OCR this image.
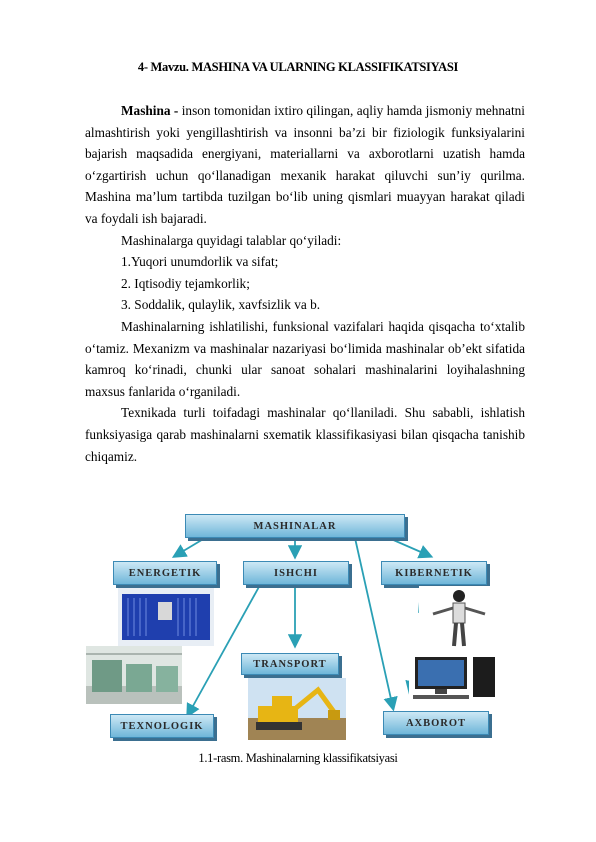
4- Mavzu. MASHINA VA ULARNING KLASSIFIKATSIYASI

Mashina - inson tomonidan ixtiro qilingan, aqliy hamda jismoniy mehnatni almashtirish yoki yengillashtirish va insonni ba’zi bir fiziologik funksiyalarini bajarish maqsadida energiyani, materiallarni va axborotlarni uzatish hamda o‘zgartirish uchun qo‘llanadigan mexanik harakat qiluvchi sun’iy qurilma. Mashina ma’lum tartibda tuzilgan bo‘lib uning qismlari muayyan harakat qiladi va foydali ish bajaradi.

Mashinalarga quyidagi talablar qo‘yiladi:

1.Yuqori unumdorlik va sifat;

2. Iqtisodiy tejamkorlik;

3. Soddalik, qulaylik, xavfsizlik va b.

Mashinalarning ishlatilishi, funksional vazifalari haqida qisqacha to‘xtalib o‘tamiz. Mexanizm va mashinalar nazariyasi bo‘limida mashinalar ob’ekt sifatida kamroq ko‘rinadi, chunki ular sanoat sohalari mashinalarini loyihalashning maxsus fanlarida o‘rganiladi.

Texnikada turli toifadagi mashinalar qo‘llaniladi. Shu sababli, ishlatish funksiyasiga qarab mashinalarni sxematik klassifikasiyasi bilan qisqacha tanishib chiqamiz.

MASHINALAR
ENERGETIK	ISHCHI	KIBERNETIK
TRANSPORT
TEXNOLOGIK	AXBOROT
1.1-rasm. Mashinalarning klassifikatsiyasi
